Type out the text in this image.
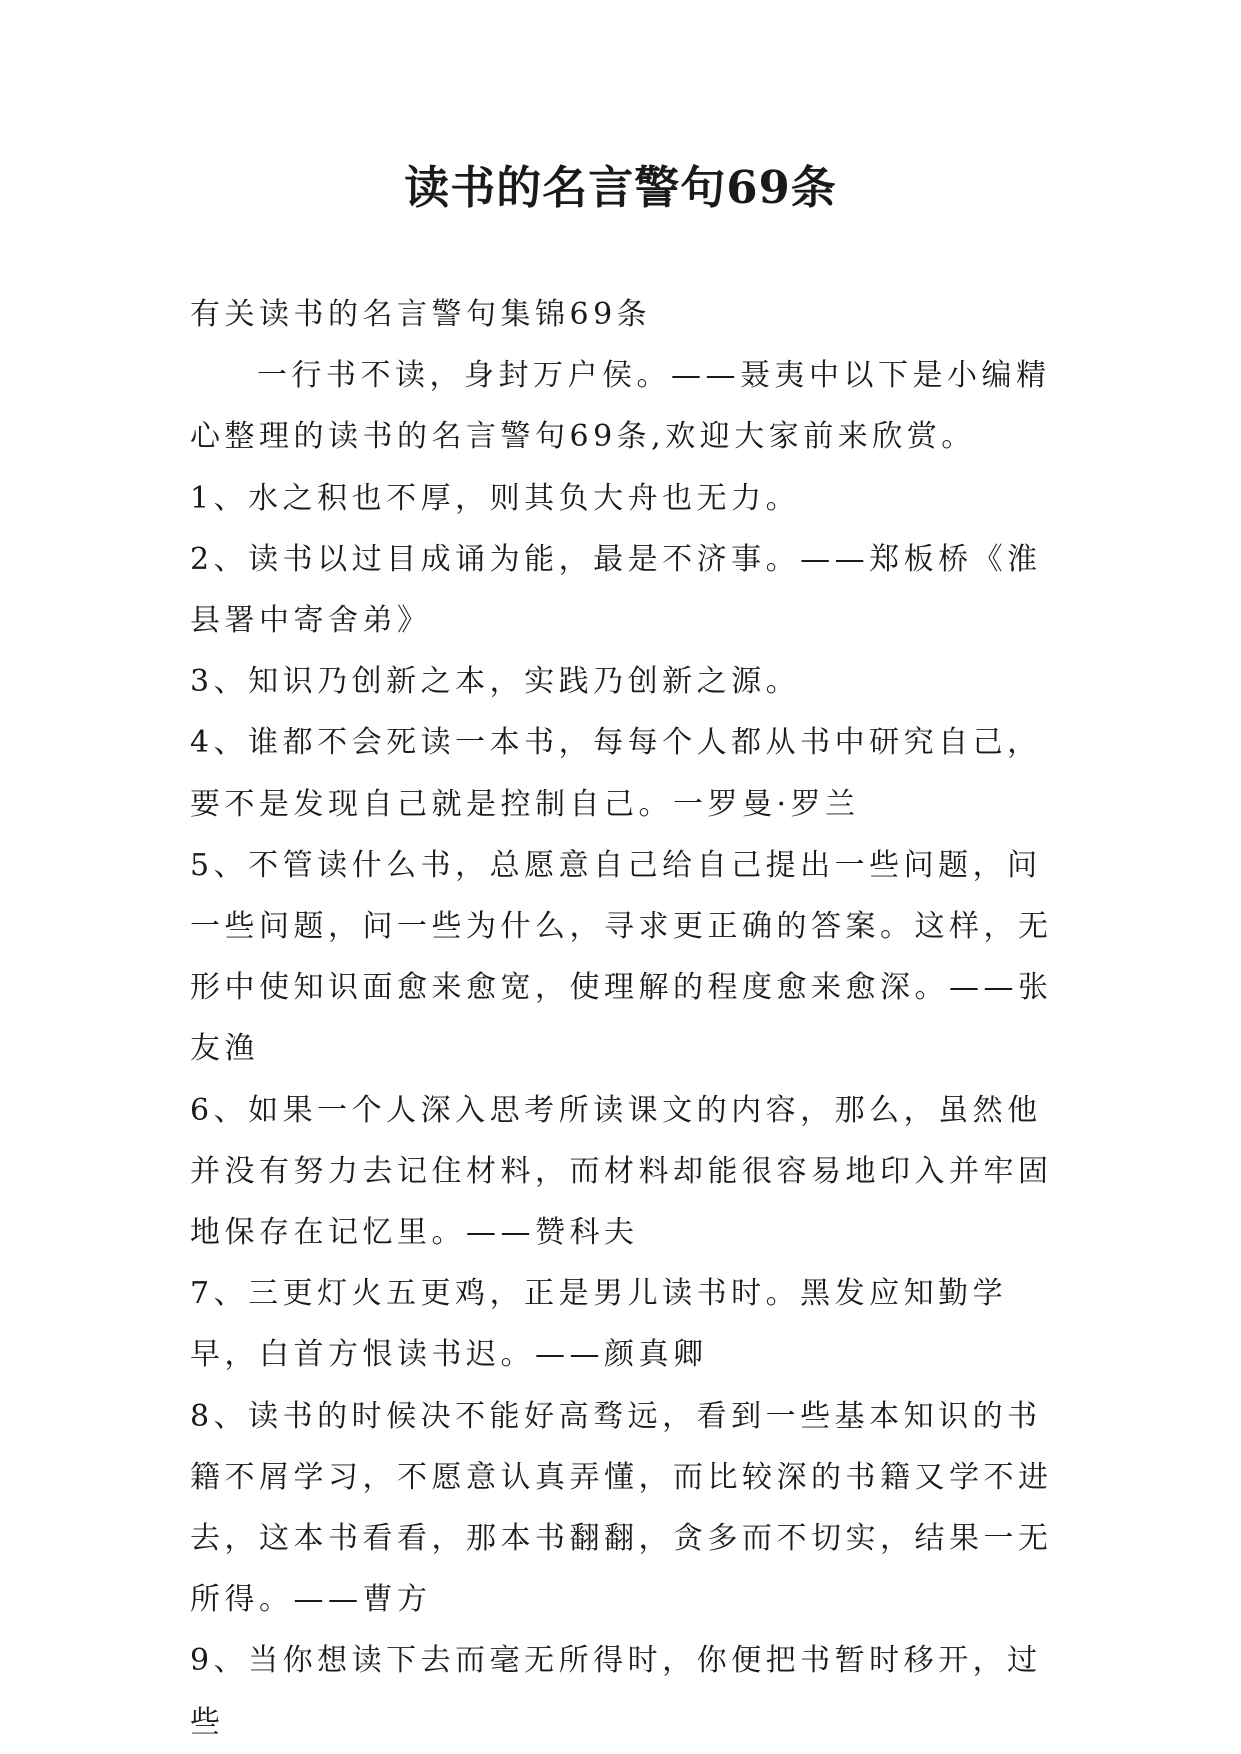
读书的名言警句69条

有关读书的名言警句集锦69条

一行书不读，身封万户侯。——聂夷中以下是小编精心整理的读书的名言警句69条,欢迎大家前来欣赏。

1、水之积也不厚，则其负大舟也无力。

2、读书以过目成诵为能，最是不济事。——郑板桥《淮县署中寄舍弟》

3、知识乃创新之本，实践乃创新之源。

4、谁都不会死读一本书，每每个人都从书中研究自己，要不是发现自己就是控制自己。一罗曼·罗兰

5、不管读什么书，总愿意自己给自己提出一些问题，问一些问题，问一些为什么，寻求更正确的答案。这样，无形中使知识面愈来愈宽，使理解的程度愈来愈深。——张友渔

6、如果一个人深入思考所读课文的内容，那么，虽然他并没有努力去记住材料，而材料却能很容易地印入并牢固地保存在记忆里。——赞科夫

7、三更灯火五更鸡，正是男儿读书时。黑发应知勤学早，白首方恨读书迟。——颜真卿

8、读书的时候决不能好高骛远，看到一些基本知识的书籍不屑学习，不愿意认真弄懂，而比较深的书籍又学不进去，这本书看看，那本书翻翻，贪多而不切实，结果一无所得。——曹方

9、当你想读下去而毫无所得时，你便把书暂时移开，过些
